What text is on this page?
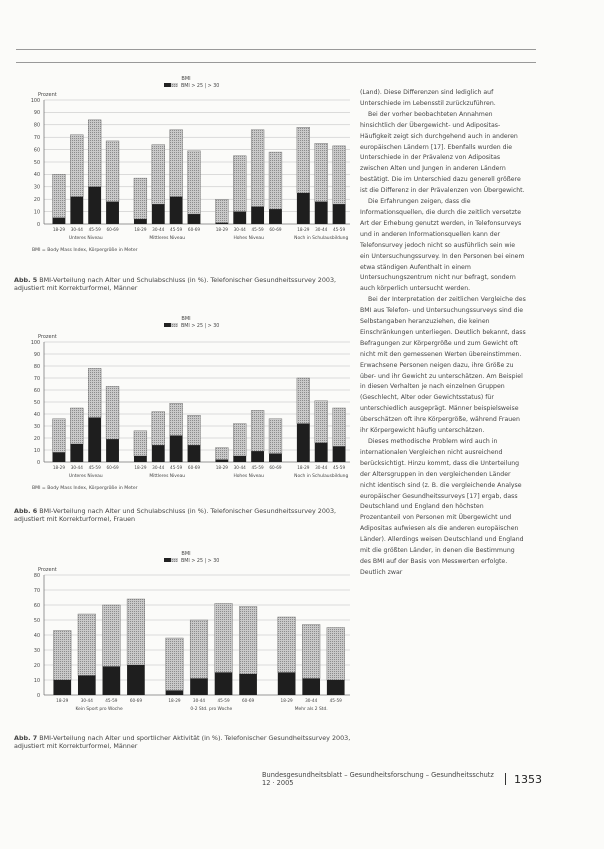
BMI
BMI > 25 | > 30
Prozent
0
10
20
30
40
50
60
70
80
90
100
18-29 30-44 45-59 60-69
Unteres Niveau
18-29 30-44 45-59 60-69
Mittleres Niveau
18-29 30-44 45-59 60-69
Hohes Niveau
18-29 30-44 45-59
Noch in Schulausbildung
BMI = Body Mass Index, Körpergröße in Meter
Abb. 5 BMI-Verteilung nach Alter und Schulabschluss (in %). Telefonischer Gesundheitssurvey 2003, adjustiert mit Korrekturformel, Männer
BMI
BMI > 25 | > 30
Prozent
0
10
20
30
40
50
60
70
80
90
100
18-29 30-44 45-59 60-69
Unteres Niveau
18-29 30-44 45-59 60-69
Mittleres Niveau
18-29 30-44 45-59 60-69
Hohes Niveau
18-29 30-44 45-59
Noch in Schulausbildung
BMI = Body Mass Index, Körpergröße in Meter
Abb. 6 BMI-Verteilung nach Alter und Schulabschluss (in %). Telefonischer Gesundheitssurvey 2003, adjustiert mit Korrekturformel, Frauen
BMI
BMI > 25 | > 30
Prozent
0
10
20
30
40
50
60
70
80
18-29	30-44	45-59	60-69
Kein Sport pro Woche
18-29	30-44	45-59	60-69
0-2 Std. pro Woche
18-29	30-44	45-59
Mehr als 2 Std.
Abb. 7 BMI-Verteilung nach Alter und sportlicher Aktivität (in %). Telefonischer Gesundheitssurvey 2003, adjustiert mit Korrekturformel, Männer

(Land). Diese Differenzen sind lediglich auf Unterschiede im Lebensstil zurückzuführen.

Bei der vorher beobachteten Annahmen hinsichtlich der Übergewicht- und Adipositas-Häufigkeit zeigt sich durchgehend auch in anderen europäischen Ländern [17]. Ebenfalls wurden die Unterschiede in der Prävalenz von Adipositas zwischen Alten und Jungen in anderen Ländern bestätigt. Die im Unterschied dazu generell größere ist die Differenz in der Prävalenzen von Übergewicht.

Die Erfahrungen zeigen, dass die Informationsquellen, die durch die zeitlich versetzte Art der Erhebung genutzt werden, in Telefonsurveys und in anderen Informationsquellen kann der Telefonsurvey jedoch nicht so ausführlich sein wie ein Untersuchungssurvey. In den Personen bei einem etwa ständigen Aufenthalt in einem Untersuchungszentrum nicht nur befragt, sondern auch körperlich untersucht werden.

Bei der Interpretation der zeitlichen Vergleiche des BMI aus Telefon- und Untersuchungssurveys sind die Selbstangaben heranzuziehen, die keinen Einschränkungen unterliegen. Deutlich bekannt, dass Befragungen zur Körpergröße und zum Gewicht oft nicht mit den gemessenen Werten übereinstimmen. Erwachsene Personen neigen dazu, ihre Größe zu über- und ihr Gewicht zu unterschätzen. Am Beispiel in diesen Verhalten je nach einzelnen Gruppen (Geschlecht, Alter oder Gewichtsstatus) für unterschiedlich ausgeprägt. Männer beispielsweise überschätzen oft ihre Körpergröße, während Frauen ihr Körpergewicht häufig unterschätzen.

Dieses methodische Problem wird auch in internationalen Vergleichen nicht ausreichend berücksichtigt. Hinzu kommt, dass die Unterteilung der Altersgruppen in den vergleichenden Länder nicht identisch sind (z. B. die vergleichende Analyse europäischer Gesundheitssurveys [17] ergab, dass Deutschland und England den höchsten Prozentanteil von Personen mit Übergewicht und Adipositas aufwiesen als die anderen europäischen Länder). Allerdings weisen Deutschland und England mit die größten Länder, in denen die Bestimmung des BMI auf der Basis von Messwerten erfolgte. Deutlich zwar

Bundesgesundheitsblatt – Gesundheitsforschung – Gesundheitsschutz 12 · 2005	1353
